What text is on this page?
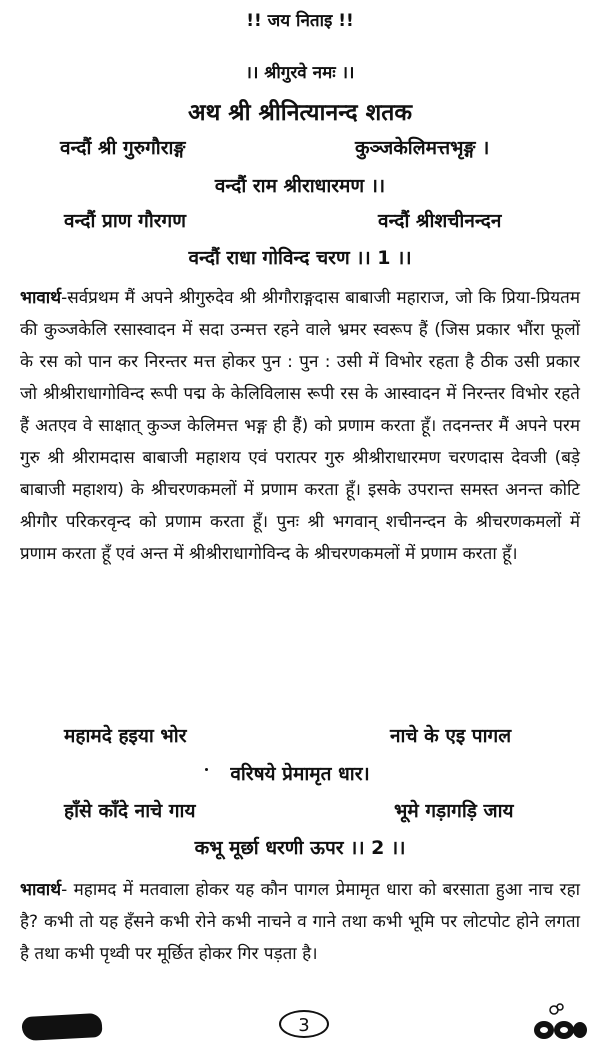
!! जय निताइ !!
।। श्रीगुरवे नमः ।।
अथ श्री श्रीनित्यानन्द शतक
वन्दौं श्री गुरुगौराङ्ग	कुञ्जकेलिमत्तभृङ्ग ।
वन्दौं राम श्रीराधारमण ।।
वन्दौं प्राण गौरगण	वन्दौं श्रीशचीनन्दन
वन्दौं राधा गोविन्द चरण ।। 1 ।।

भावार्थ-सर्वप्रथम मैं अपने श्रीगुरुदेव श्री श्रीगौराङ्गदास बाबाजी महाराज, जो कि प्रिया-प्रियतम की कुञ्जकेलि रसास्वादन में सदा उन्मत्त रहने वाले भ्रमर स्वरूप हैं (जिस प्रकार भौंरा फूलों के रस को पान कर निरन्तर मत्त होकर पुन : पुन : उसी में विभोर रहता है ठीक उसी प्रकार जो श्रीश्रीराधागोविन्द रूपी पद्म के केलिविलास रूपी रस के आस्वादन में निरन्तर विभोर रहते हैं अतएव वे साक्षात् कुञ्ज केलिमत्त भङ्ग ही हैं) को प्रणाम करता हूँ। तदनन्तर मैं अपने परम गुरु श्री श्रीरामदास बाबाजी महाशय एवं परात्पर गुरु श्रीश्रीराधारमण चरणदास देवजी (बड़े बाबाजी महाशय) के श्रीचरणकमलों में प्रणाम करता हूँ। इसके उपरान्त समस्त अनन्त कोटि श्रीगौर परिकरवृन्द को प्रणाम करता हूँ। पुनः श्री भगवान् शचीनन्दन के श्रीचरणकमलों में प्रणाम करता हूँ एवं अन्त में श्रीश्रीराधागोविन्द के श्रीचरणकमलों में प्रणाम करता हूँ।

महामदे हइया भोर	नाचे के एइ पागल
वरिषये प्रेमामृत धार।
हाँसे काँदे नाचे गाय	भूमे गड़ागड़ि जाय
कभू मूर्छा धरणी ऊपर ।। 2 ।।

भावार्थ- महामद में मतवाला होकर यह कौन पागल प्रेमामृत धारा को बरसाता हुआ नाच रहा है? कभी तो यह हँसने कभी रोने कभी नाचने व गाने तथा कभी भूमि पर लोटपोट होने लगता है तथा कभी पृथ्वी पर मूर्छित होकर गिर पड़ता है।

3
